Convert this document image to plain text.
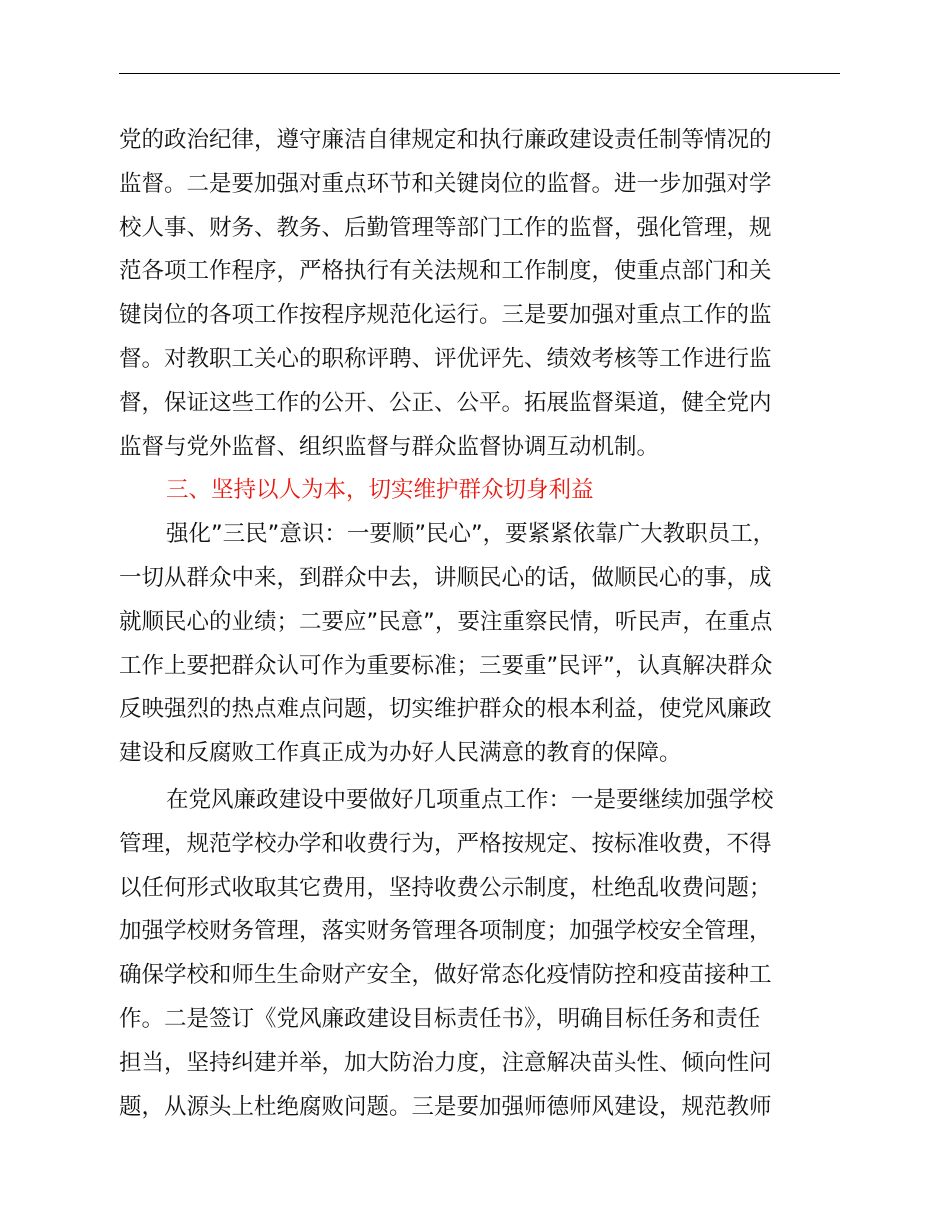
党的政治纪律，遵守廉洁自律规定和执行廉政建设责任制等情况的
监督。二是要加强对重点环节和关键岗位的监督。进一步加强对学
校人事、财务、教务、后勤管理等部门工作的监督，强化管理，规
范各项工作程序，严格执行有关法规和工作制度，使重点部门和关
键岗位的各项工作按程序规范化运行。三是要加强对重点工作的监
督。对教职工关心的职称评聘、评优评先、绩效考核等工作进行监
督，保证这些工作的公开、公正、公平。拓展监督渠道，健全党内
监督与党外监督、组织监督与群众监督协调互动机制。
三、坚持以人为本，切实维护群众切身利益
强化”三民”意识：一要顺”民心”，要紧紧依靠广大教职员工，
一切从群众中来，到群众中去，讲顺民心的话，做顺民心的事，成
就顺民心的业绩；二要应”民意”，要注重察民情，听民声，在重点
工作上要把群众认可作为重要标准；三要重”民评”，认真解决群众
反映强烈的热点难点问题，切实维护群众的根本利益，使党风廉政
建设和反腐败工作真正成为办好人民满意的教育的保障。
在党风廉政建设中要做好几项重点工作：一是要继续加强学校
管理，规范学校办学和收费行为，严格按规定、按标准收费，不得
以任何形式收取其它费用，坚持收费公示制度，杜绝乱收费问题；
加强学校财务管理，落实财务管理各项制度；加强学校安全管理，
确保学校和师生生命财产安全，做好常态化疫情防控和疫苗接种工
作。二是签订《党风廉政建设目标责任书》，明确目标任务和责任
担当，坚持纠建并举，加大防治力度，注意解决苗头性、倾向性问
题，从源头上杜绝腐败问题。三是要加强师德师风建设，规范教师
